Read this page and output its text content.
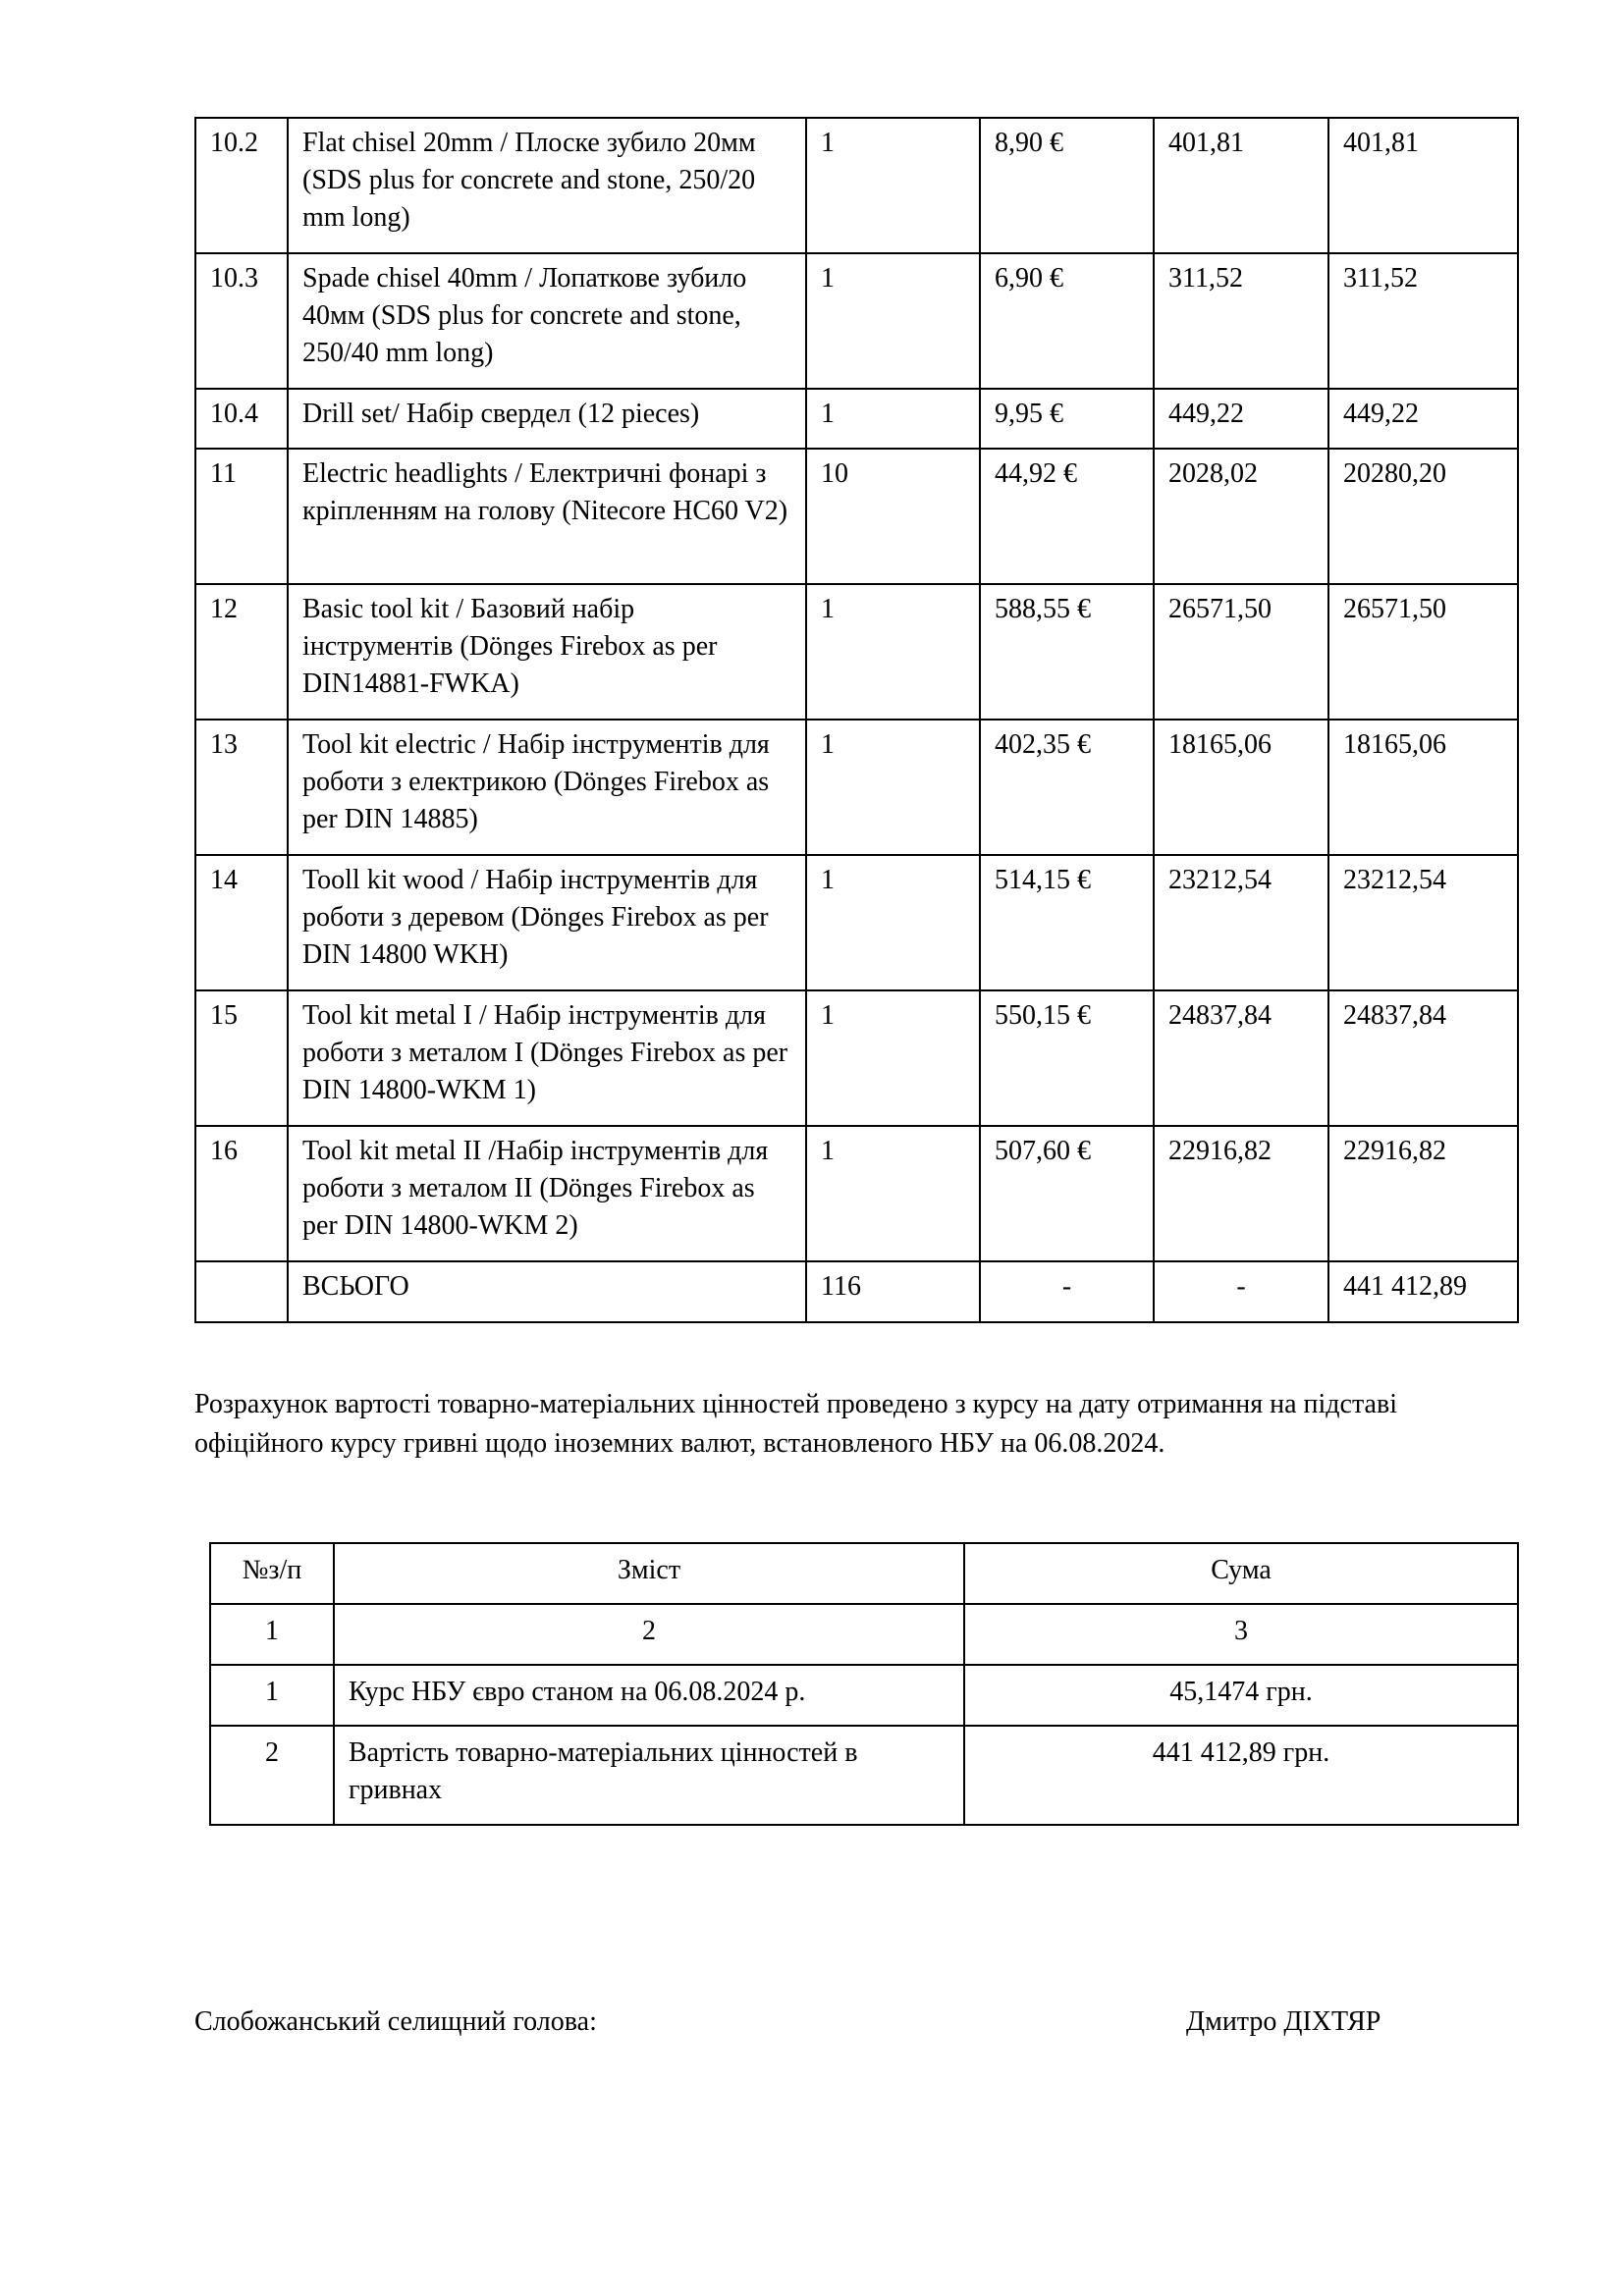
10.2	Flat chisel 20mm / Плоске зубило 20мм (SDS plus for concrete and stone, 250/20 mm long)	1	8,90 €	401,81	401,81
10.3	Spade chisel 40mm / Лопаткове зубило 40мм (SDS plus for concrete and stone, 250/40 mm long)	1	6,90 €	311,52	311,52
10.4	Drill set/ Набір свердел (12 pieces)	1	9,95 €	449,22	449,22
11	Electric headlights / Електричні фонарі з кріпленням на голову (Nitecore HC60 V2)	10	44,92 €	2028,02	20280,20
12	Basic tool kit / Базовий набір інструментів (Dönges Firebox as per DIN14881-FWKA)	1	588,55 €	26571,50	26571,50
13	Tool kit electric / Набір інструментів для роботи з електрикою (Dönges Firebox as per DIN 14885)	1	402,35 €	18165,06	18165,06
14	Tooll kit wood / Набір інструментів для роботи з деревом (Dönges Firebox as per DIN 14800 WKH)	1	514,15 €	23212,54	23212,54
15	Tool kit metal I / Набір інструментів для роботи з металом I (Dönges Firebox as per DIN 14800-WKM 1)	1	550,15 €	24837,84	24837,84
16	Tool kit metal II /Набір інструментів для роботи з металом II (Dönges Firebox as per DIN 14800-WKM 2)	1	507,60 €	22916,82	22916,82
	ВСЬОГО	116	-	-	441 412,89

Розрахунок вартості товарно-матеріальних цінностей проведено з курсу на дату отримання на підставі офіційного курсу гривні щодо іноземних валют, встановленого НБУ на 06.08.2024.

№з/п	Зміст	Сума
1	2	3
1	Курс НБУ євро станом на 06.08.2024 р.	45,1474 грн.
2	Вартість товарно-матеріальних цінностей в гривнах	441 412,89 грн.

Слобожанський селищний голова:	Дмитро ДІХТЯР
